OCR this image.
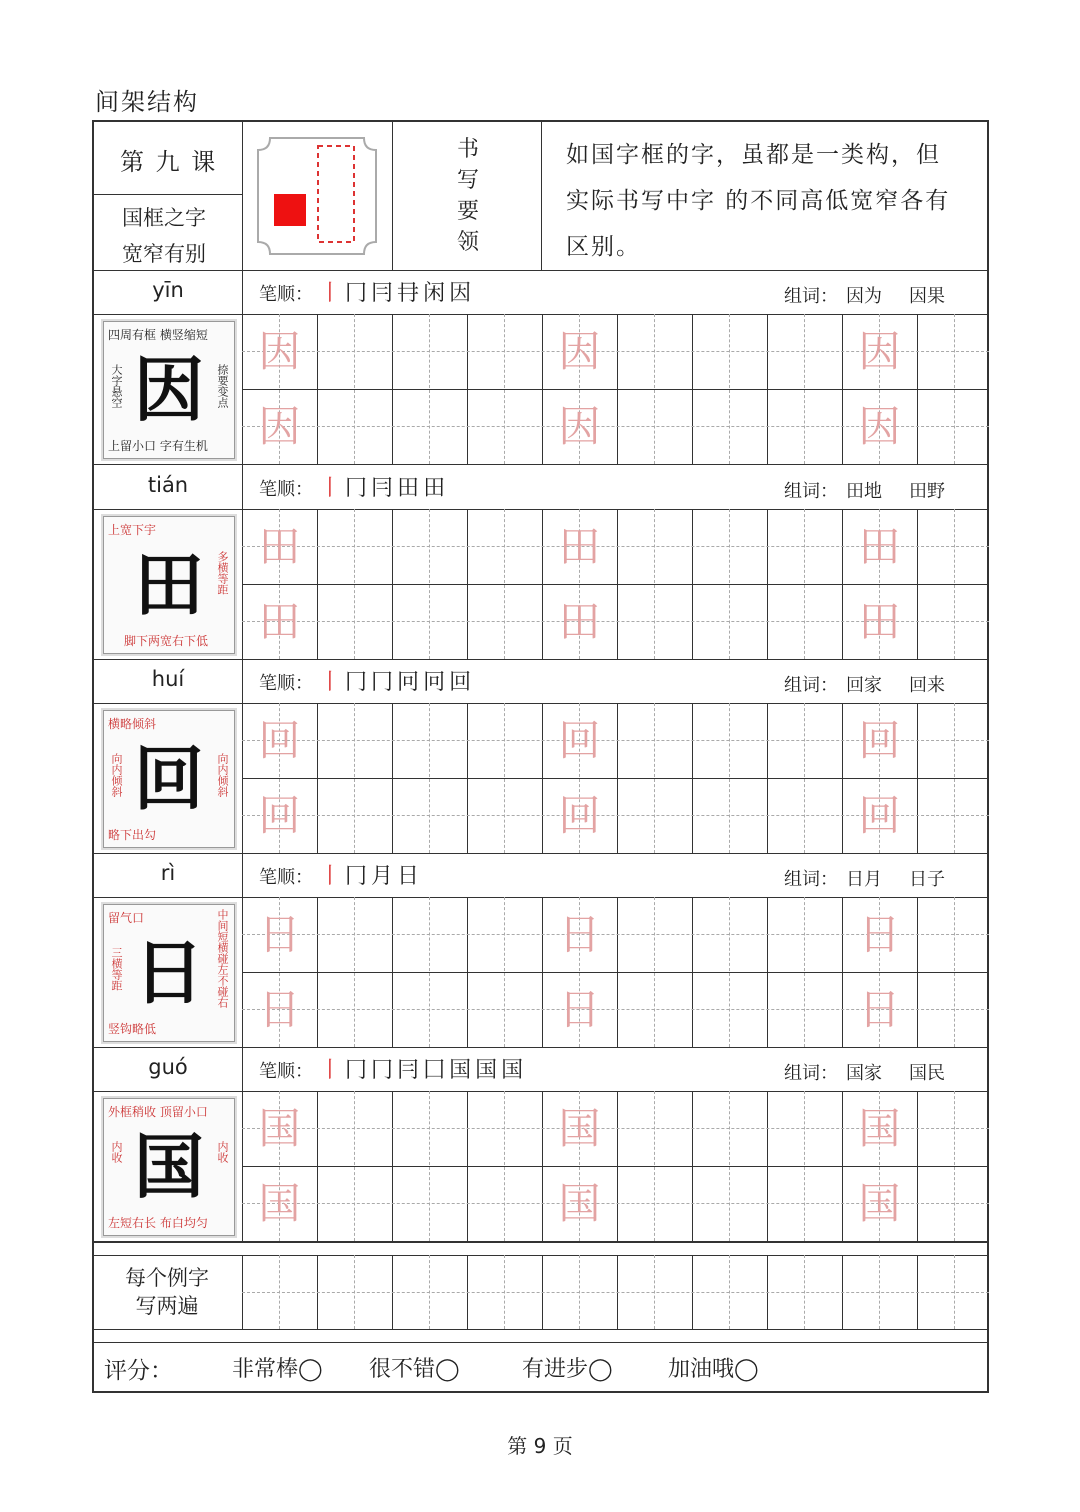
间架结构
第 九 课
国框之字
宽窄有别
书
写
要
领
如国字框的字，虽都是一类构，但
实际书写中字 的不同高低宽窄各有
区别。
每个例字
写两遍
评分：	非常棒◯ 很不错◯	有进步◯	加油哦◯
yīn	笔顺： 丨冂冃冄闲因	组词： 因为 因果
因
因
因
因
因
因
因
四周有框 横竖缩短
大字悬空	捺要变点
上留小口 字有生机
tián	笔顺： 丨冂冃田田	组词： 田地 田野
田
田
田
田
田
田
田
上宽下宇
多横等距
脚下两宽右下低
huí	笔顺： 丨冂冂冋冋回	组词： 回家 回来
回
回
回
回
回
回
回
横略倾斜
向内倾斜	向内倾斜
略下出勾
rì	笔顺： 丨冂月日	组词： 日月 日子
日
日
日
日
日
日
日
留气口
三横等距	中间短横碰左不碰右
竖钩略低
guó	笔顺： 丨冂冂冃囗国国国	组词： 国家 国民
国
国
国
国
国
国
国
外框稍收 顶留小口
内收	内收
左短右长 布白均匀
第 9 页
